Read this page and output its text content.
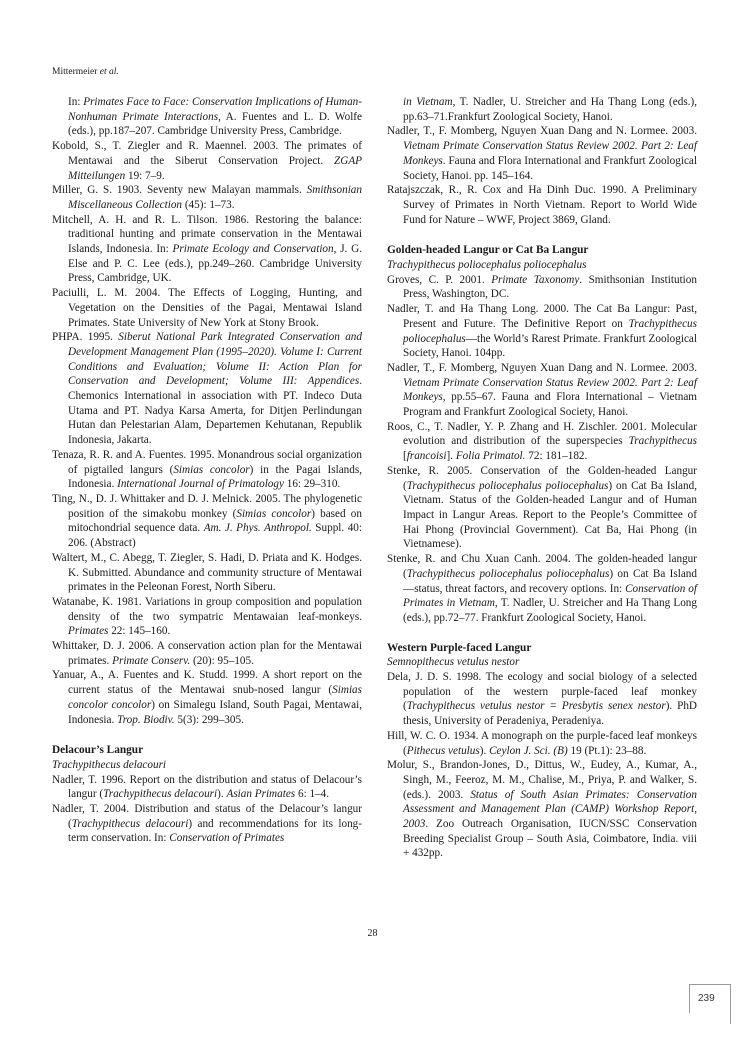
Mittermeier et al.
In: Primates Face to Face: Conservation Implications of Human-Nonhuman Primate Interactions, A. Fuentes and L. D. Wolfe (eds.), pp.187–207. Cambridge University Press, Cambridge.
Kobold, S., T. Ziegler and R. Maennel. 2003. The primates of Mentawai and the Siberut Conservation Project. ZGAP Mitteilungen 19: 7–9.
Miller, G. S. 1903. Seventy new Malayan mammals. Smithsonian Miscellaneous Collection (45): 1–73.
Mitchell, A. H. and R. L. Tilson. 1986. Restoring the balance: traditional hunting and primate conservation in the Mentawai Islands, Indonesia. In: Primate Ecology and Conservation, J. G. Else and P. C. Lee (eds.), pp.249–260. Cambridge University Press, Cambridge, UK.
Paciulli, L. M. 2004. The Effects of Logging, Hunting, and Vegetation on the Densities of the Pagai, Mentawai Island Primates. State University of New York at Stony Brook.
PHPA. 1995. Siberut National Park Integrated Conservation and Development Management Plan (1995–2020). Volume I: Current Conditions and Evaluation; Volume II: Action Plan for Conservation and Development; Volume III: Appendices. Chemonics International in association with PT. Indeco Duta Utama and PT. Nadya Karsa Amerta, for Ditjen Perlindungan Hutan dan Pelestarian Alam, Departemen Kehutanan, Republik Indonesia, Jakarta.
Tenaza, R. R. and A. Fuentes. 1995. Monandrous social organization of pigtailed langurs (Simias concolor) in the Pagai Islands, Indonesia. International Journal of Primatology 16: 29–310.
Ting, N., D. J. Whittaker and D. J. Melnick. 2005. The phylogenetic position of the simakobu monkey (Simias concolor) based on mitochondrial sequence data. Am. J. Phys. Anthropol. Suppl. 40: 206. (Abstract)
Waltert, M., C. Abegg, T. Ziegler, S. Hadi, D. Priata and K. Hodges. K. Submitted. Abundance and community structure of Mentawai primates in the Peleonan Forest, North Siberu.
Watanabe, K. 1981. Variations in group composition and population density of the two sympatric Mentawaian leaf-monkeys. Primates 22: 145–160.
Whittaker, D. J. 2006. A conservation action plan for the Mentawai primates. Primate Conserv. (20): 95–105.
Yanuar, A., A. Fuentes and K. Studd. 1999. A short report on the current status of the Mentawai snub-nosed langur (Simias concolor concolor) on Simalegu Island, South Pagai, Mentawai, Indonesia. Trop. Biodiv. 5(3): 299–305.
Delacour’s Langur
Trachypithecus delacouri
Nadler, T. 1996. Report on the distribution and status of Delacour’s langur (Trachypithecus delacouri). Asian Primates 6: 1–4.
Nadler, T. 2004. Distribution and status of the Delacour’s langur (Trachypithecus delacouri) and recommendations for its long-term conservation. In: Conservation of Primates
in Vietnam, T. Nadler, U. Streicher and Ha Thang Long (eds.), pp.63–71.Frankfurt Zoological Society, Hanoi.
Nadler, T., F. Momberg, Nguyen Xuan Dang and N. Lormee. 2003. Vietnam Primate Conservation Status Review 2002. Part 2: Leaf Monkeys. Fauna and Flora International and Frankfurt Zoological Society, Hanoi. pp. 145–164.
Ratajszczak, R., R. Cox and Ha Dinh Duc. 1990. A Preliminary Survey of Primates in North Vietnam. Report to World Wide Fund for Nature – WWF, Project 3869, Gland.
Golden-headed Langur or Cat Ba Langur
Trachypithecus poliocephalus poliocephalus
Groves, C. P. 2001. Primate Taxonomy. Smithsonian Institution Press, Washington, DC.
Nadler, T. and Ha Thang Long. 2000. The Cat Ba Langur: Past, Present and Future. The Definitive Report on Trachypithecus poliocephalus—the World’s Rarest Primate. Frankfurt Zoological Society, Hanoi. 104pp.
Nadler, T., F. Momberg, Nguyen Xuan Dang and N. Lormee. 2003. Vietnam Primate Conservation Status Review 2002. Part 2: Leaf Monkeys, pp.55–67. Fauna and Flora International – Vietnam Program and Frankfurt Zoological Society, Hanoi.
Roos, C., T. Nadler, Y. P. Zhang and H. Zischler. 2001. Molecular evolution and distribution of the superspecies Trachypithecus [francoisi]. Folia Primatol. 72: 181–182.
Stenke, R. 2005. Conservation of the Golden-headed Langur (Trachypithecus poliocephalus poliocephalus) on Cat Ba Island, Vietnam. Status of the Golden-headed Langur and of Human Impact in Langur Areas. Report to the People’s Committee of Hai Phong (Provincial Government). Cat Ba, Hai Phong (in Vietnamese).
Stenke, R. and Chu Xuan Canh. 2004. The golden-headed langur (Trachypithecus poliocephalus poliocephalus) on Cat Ba Island—status, threat factors, and recovery options. In: Conservation of Primates in Vietnam, T. Nadler, U. Streicher and Ha Thang Long (eds.), pp.72–77. Frankfurt Zoological Society, Hanoi.
Western Purple-faced Langur
Semnopithecus vetulus nestor
Dela, J. D. S. 1998. The ecology and social biology of a selected population of the western purple-faced leaf monkey (Trachypithecus vetulus nestor = Presbytis senex nestor). PhD thesis, University of Peradeniya, Peradeniya.
Hill, W. C. O. 1934. A monograph on the purple-faced leaf monkeys (Pithecus vetulus). Ceylon J. Sci. (B) 19 (Pt.1): 23–88.
Molur, S., Brandon-Jones, D., Dittus, W., Eudey, A., Kumar, A., Singh, M., Feeroz, M. M., Chalise, M., Priya, P. and Walker, S. (eds.). 2003. Status of South Asian Primates: Conservation Assessment and Management Plan (CAMP) Workshop Report, 2003. Zoo Outreach Organisation, IUCN/SSC Conservation Breeding Specialist Group – South Asia, Coimbatore, India. viii + 432pp.
28
239
